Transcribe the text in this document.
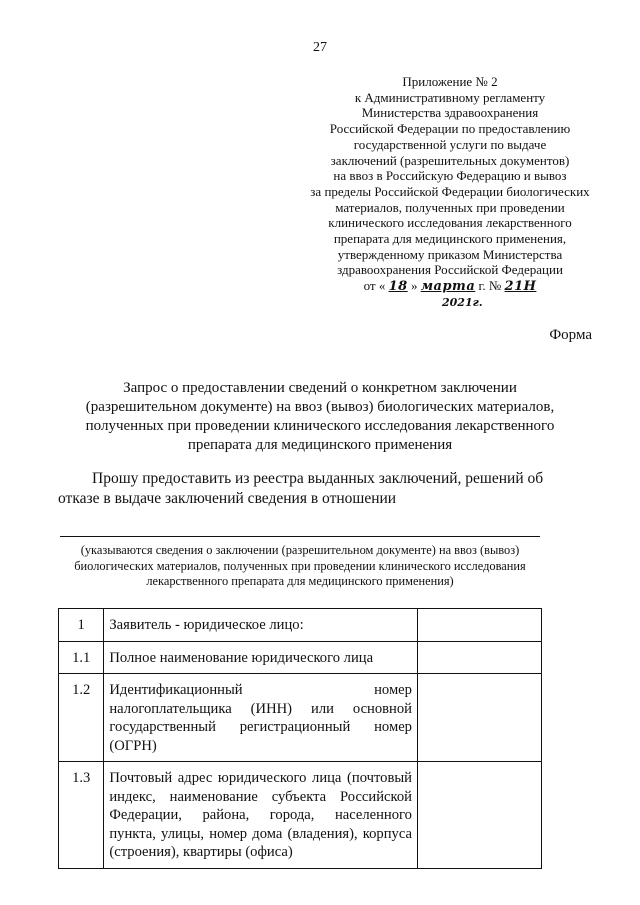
27
Приложение № 2
к Административному регламенту
Министерства здравоохранения
Российской Федерации по предоставлению
государственной услуги по выдаче
заключений (разрешительных документов)
на ввоз в Российскую Федерацию и вывоз
за пределы Российской Федерации биологических
материалов, полученных при проведении
клинического исследования лекарственного
препарата для медицинского применения,
утвержденному приказом Министерства
здравоохранения Российской Федерации
от « 18 » марта г. № 21Н
2021г.
Форма
Запрос о предоставлении сведений о конкретном заключении
(разрешительном документе) на ввоз (вывоз) биологических материалов,
полученных при проведении клинического исследования лекарственного
препарата для медицинского применения
Прошу предоставить из реестра выданных заключений, решений об
отказе в выдаче заключений сведения в отношении
(указываются сведения о заключении (разрешительном документе) на ввоз (вывоз)
биологических материалов, полученных при проведении клинического исследования
лекарственного препарата для медицинского применения)
1	Заявитель - юридическое лицо:	
1.1	Полное наименование юридического лица	
1.2	Идентификационный номер
налогоплательщика (ИНН) или основной
государственный регистрационный номер
(ОГРН)	

1.3	Почтовый адрес юридического лица (почтовый
индекс, наименование субъекта Российской
Федерации, района, города, населенного
пункта, улицы, номер дома (владения), корпуса
(строения), квартиры (офиса)	
